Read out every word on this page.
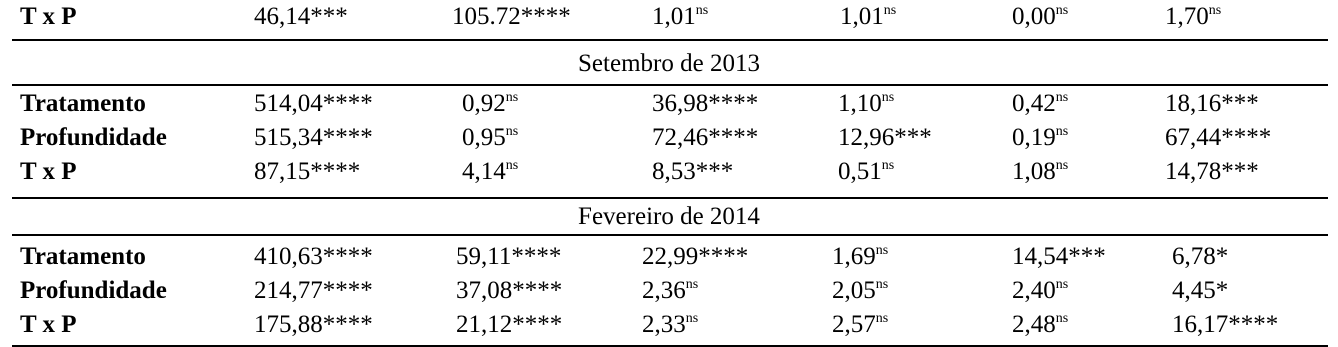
T x P	46,14***	105.72****	$1,01^{ns}$	$1,01^{ns}$	$0,00^{ns}$	$1,70^{ns}$
Setembro de 2013
Tratamento	514,04****	$0,92^{ns}$	36,98****	$1,10^{ns}$	$0,42^{ns}$	18,16***
Profundidade	515,34****	$0,95^{ns}$	72,46****	12,96***	$0,19^{ns}$	67,44****
T x P	87,15****	$4,14^{ns}$	8,53***	$0,51^{ns}$	$1,08^{ns}$	14,78***
Fevereiro de 2014
Tratamento	410,63****	59,11****	22,99****	$1,69^{ns}$	14,54***	6,78*
Profundidade	214,77****	37,08****	$2,36^{ns}$	$2,05^{ns}$	$2,40^{ns}$	4,45*
T x P	175,88****	21,12****	$2,33^{ns}$	$2,57^{ns}$	$2,48^{ns}$	16,17****
